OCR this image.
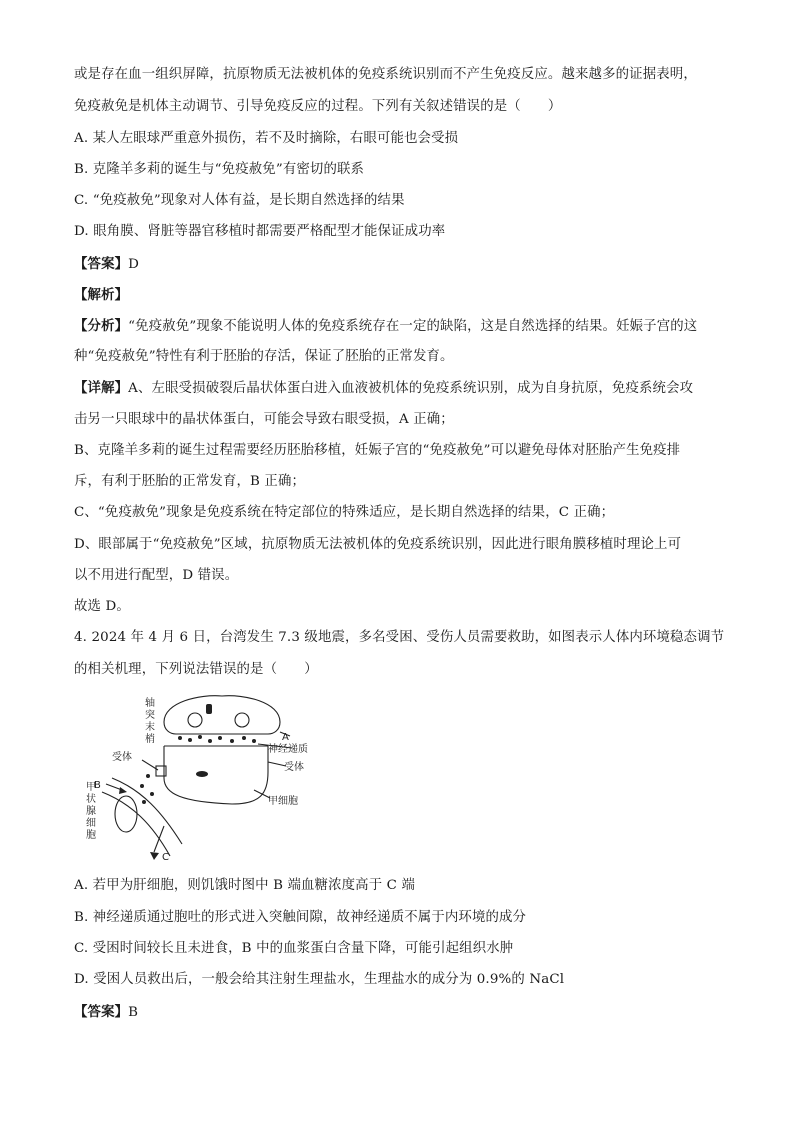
或是存在血一组织屏障，抗原物质无法被机体的免疫系统识别而不产生免疫反应。越来越多的证据表明，
免疫赦免是机体主动调节、引导免疫反应的过程。下列有关叙述错误的是（　　）
A. 某人左眼球严重意外损伤，若不及时摘除，右眼可能也会受损
B. 克隆羊多莉的诞生与“免疫赦免”有密切的联系
C. “免疫赦免”现象对人体有益，是长期自然选择的结果
D. 眼角膜、肾脏等器官移植时都需要严格配型才能保证成功率
【答案】D
【解析】
【分析】“免疫赦免”现象不能说明人体的免疫系统存在一定的缺陷，这是自然选择的结果。妊娠子宫的这
种“免疫赦免”特性有利于胚胎的存活，保证了胚胎的正常发育。
【详解】A、左眼受损破裂后晶状体蛋白进入血液被机体的免疫系统识别，成为自身抗原，免疫系统会攻
击另一只眼球中的晶状体蛋白，可能会导致右眼受损，A 正确；
B、克隆羊多莉的诞生过程需要经历胚胎移植，妊娠子宫的“免疫赦免”可以避免母体对胚胎产生免疫排
斥，有利于胚胎的正常发育，B 正确；
C、“免疫赦免”现象是免疫系统在特定部位的特殊适应，是长期自然选择的结果，C 正确；
D、眼部属于“免疫赦免”区域，抗原物质无法被机体的免疫系统识别，因此进行眼角膜移植时理论上可
以不用进行配型，D 错误。
故选 D。
4. 2024 年 4 月 6 日，台湾发生 7.3 级地震，多名受困、受伤人员需要救助，如图表示人体内环境稳态调节
的相关机理，下列说法错误的是（　　）
轴
突
末
梢	A
神经递质
受体
受体
甲细胞
B
C
甲
状
腺
细
胞
A. 若甲为肝细胞，则饥饿时图中 B 端血糖浓度高于 C 端
B. 神经递质通过胞吐的形式进入突触间隙，故神经递质不属于内环境的成分
C. 受困时间较长且未进食，B 中的血浆蛋白含量下降，可能引起组织水肿
D. 受困人员救出后，一般会给其注射生理盐水，生理盐水的成分为 0.9%的 NaCl
【答案】B
